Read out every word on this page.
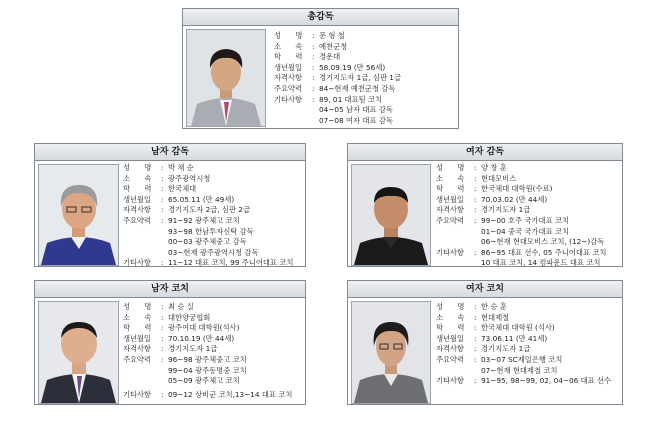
총감독
성　　명	: 문 형 철
소　　속	: 예천군청
학　　력	: 경운대
생년월일	: 58.09.19 (만 56세)
자격사항	: 경기지도자 1급, 심판 1급
주요약력	: 84~현재 예천군청 감독
기타사항	: 89, 01 대표팀 코치
04~05 남자 대표 감독
07~08 여자 대표 감독
남자 감독
성　　명	: 박 채 순
소　　속	: 광주광역시청
학　　력	: 한국체대
생년월일	: 65.05.11 (만 49세)
자격사항	: 경기지도자 2급, 심판 2급
주요약력	: 91~92 광주체고 코치
93~98 한남투자신탁 감독
00~03 광주체중고 감독
03~현재 광주광역시청 감독
기타사항	: 11~12 대표 코치, 99 주니어대표 코치
여자 감독
성　　명	: 양 창 훈
소　　속	: 현대모비스
학　　력	: 한국체대 대학원(수료)
생년월일	: 70.03.02 (만 44세)
자격사항	: 경기지도자 1급
주요약력	: 99~00 호주 국가대표 코치
01~04 중국 국가대표 코치
06~현재 현대모비스 코치, (12~)감독
기타사항	: 86~95 대표 선수, 05 주니어대표 코치
10 대표 코치, 14 컴파운드 대표 코치
남자 코치
성　　명	: 최 승 실
소　　속	: 대한양궁협회
학　　력	: 광주여대 대학원(석사)
생년월일	: 70.10.19 (만 44세)
자격사항	: 경기지도자 1급
주요약력	: 96~98 광주체중고 코치
99~04 광주동명중 코치
05~09 광주체고 코치
기타사항	: 09~12 상비군 코치,13~14 대표 코치
여자 코치
성　　명	: 한 승 훈
소　　속	: 현대제철
학　　력	: 한국체대 대학원 (석사)
생년월일	: 73.06.11 (만 41세)
자격사항	: 경기지도자 1급
주요약력	: 03~07 SC제일은행 코치
07~현재 현대제철 코치
기타사항	: 91~95, 98~99, 02, 04~06 대표 선수
